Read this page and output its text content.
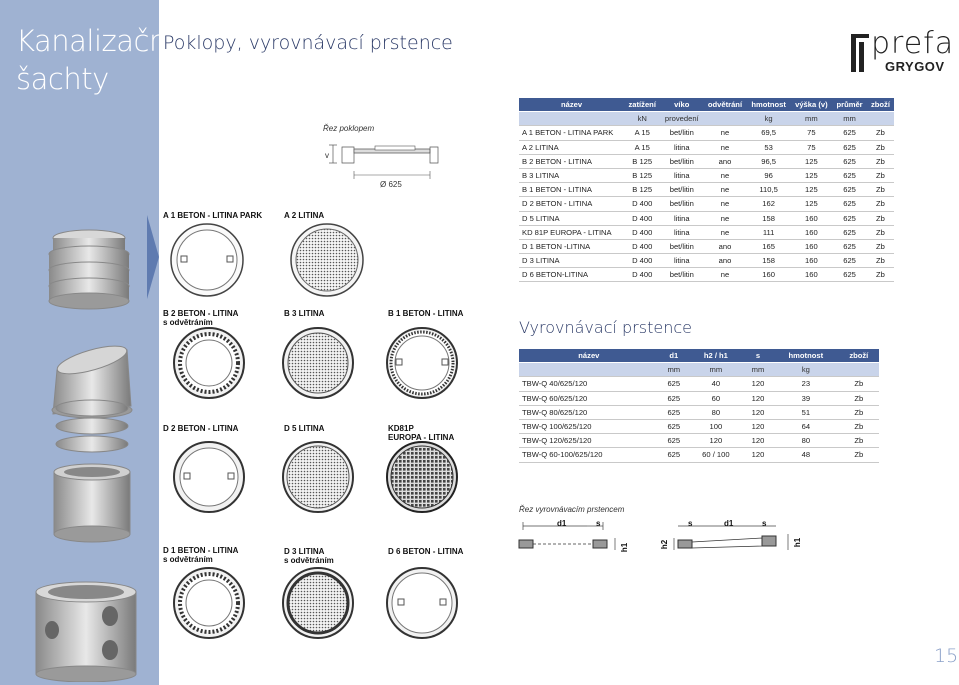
Kanalizační
šachty
Poklopy, vyrovnávací prstence	prefa
GRYGOV
Řez poklopem
v
Ø 625
A 1 BETON - LITINA PARK	A 2 LITINA
B 2 BETON - LITINA
s odvětráním
B 3 LITINA	B 1 BETON - LITINA
D 2 BETON - LITINA	D 5 LITINA	KD81P
EUROPA - LITINA
D 1 BETON - LITINA
s odvětráním
D 3 LITINA
s odvětráním
D 6 BETON - LITINA
název	zatížení	víko	odvětrání	hmotnost	výška (v)	průměr	zboží
	kN	provedení		kg	mm	mm	
A 1 BETON - LITINA PARK	A 15	bet/litin	ne	69,5	75	625	Zb
A 2 LITINA	A 15	litina	ne	53	75	625	Zb
B 2 BETON - LITINA	B 125	bet/litin	ano	96,5	125	625	Zb
B 3 LITINA	B 125	litina	ne	96	125	625	Zb
B 1 BETON - LITINA	B 125	bet/litin	ne	110,5	125	625	Zb
D 2 BETON - LITINA	D 400	bet/litin	ne	162	125	625	Zb
D 5 LITINA	D 400	litina	ne	158	160	625	Zb
KD 81P EUROPA - LITINA	D 400	litina	ne	111	160	625	Zb
D 1 BETON -LITINA	D 400	bet/litin	ano	165	160	625	Zb
D 3 LITINA	D 400	litina	ano	158	160	625	Zb
D 6 BETON-LITINA	D 400	bet/litin	ne	160	160	625	Zb
Vyrovnávací prstence
název	d1	h2 / h1	s	hmotnost	zboží
	mm	mm	mm	kg	
TBW-Q 40/625/120	625	40	120	23	Zb
TBW-Q 60/625/120	625	60	120	39	Zb
TBW-Q 80/625/120	625	80	120	51	Zb
TBW-Q 100/625/120	625	100	120	64	Zb
TBW-Q 120/625/120	625	120	120	80	Zb
TBW-Q 60-100/625/120	625	60 / 100	120	48	Zb
Řez vyrovnávacím prstencem
d1	s
h1
s	d1	s
h2	h1
15
